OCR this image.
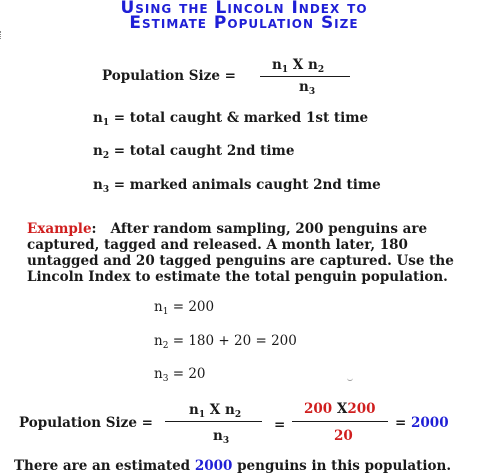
Using the Lincoln Index to
Estimate Population Size
Population Size =
$n_1$ X $n_2$
$n_3$
$n_1$ = total caught & marked 1st time
$n_2$ = total caught 2nd time
$n_3$ = marked animals caught 2nd time
Example: After random sampling, 200 penguins are
captured, tagged and released. A month later, 180
untagged and 20 tagged penguins are captured. Use the
Lincoln Index to estimate the total penguin population.
$n_1 = 200$
$n_2 = 180 + 20 = 200$
$n_3 = 20$
Population Size =
$n_1$ X $n_2$
$n_3$
=
200 X200
20
= 2000
There are an estimated 2000 penguins in this population.
